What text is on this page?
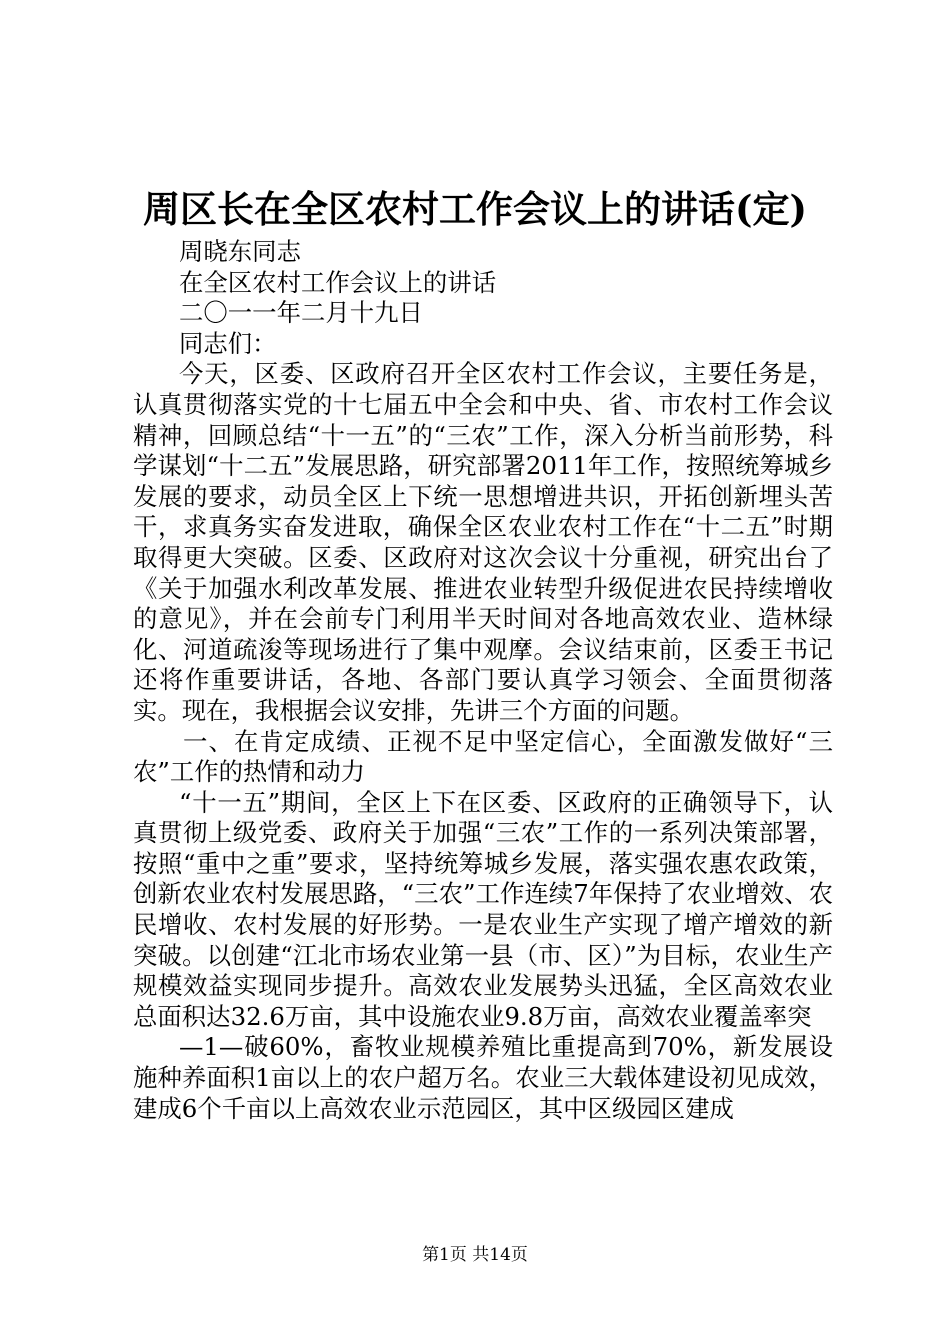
周区长在全区农村工作会议上的讲话(定)

周晓东同志

在全区农村工作会议上的讲话

二〇一一年二月十九日

同志们：

今天，区委、区政府召开全区农村工作会议，主要任务是，认真贯彻落实党的十七届五中全会和中央、省、市农村工作会议精神，回顾总结“十一五”的“三农”工作，深入分析当前形势，科学谋划“十二五”发展思路，研究部署2011年工作，按照统筹城乡发展的要求，动员全区上下统一思想增进共识，开拓创新埋头苦干，求真务实奋发进取，确保全区农业农村工作在“十二五”时期取得更大突破。区委、区政府对这次会议十分重视，研究出台了《关于加强水利改革发展、推进农业转型升级促进农民持续增收的意见》，并在会前专门利用半天时间对各地高效农业、造林绿化、河道疏浚等现场进行了集中观摩。会议结束前，区委王书记还将作重要讲话，各地、各部门要认真学习领会、全面贯彻落实。现在，我根据会议安排，先讲三个方面的问题。

一、在肯定成绩、正视不足中坚定信心，全面激发做好“三农”工作的热情和动力

“十一五”期间，全区上下在区委、区政府的正确领导下，认真贯彻上级党委、政府关于加强“三农”工作的一系列决策部署，按照“重中之重”要求，坚持统筹城乡发展，落实强农惠农政策，创新农业农村发展思路，“三农”工作连续7年保持了农业增效、农民增收、农村发展的好形势。一是农业生产实现了增产增效的新突破。以创建“江北市场农业第一县（市、区）”为目标，农业生产规模效益实现同步提升。高效农业发展势头迅猛，全区高效农业总面积达32.6万亩，其中设施农业9.8万亩，高效农业覆盖率突

—1—破60%，畜牧业规模养殖比重提高到70%，新发展设施种养面积1亩以上的农户超万名。农业三大载体建设初见成效，建成6个千亩以上高效农业示范园区，其中区级园区建成

第1页 共14页
